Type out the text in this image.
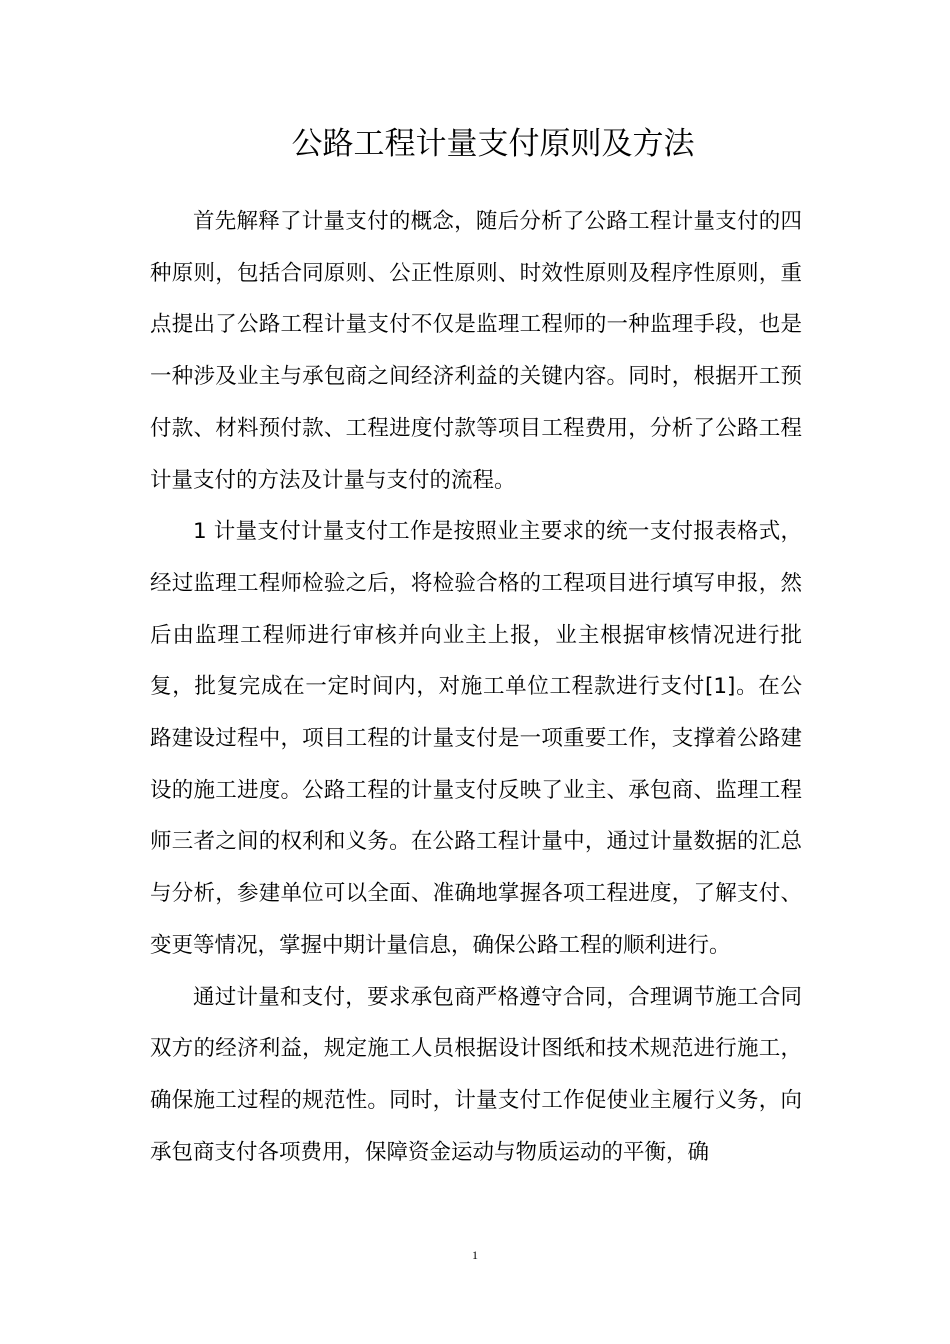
公路工程计量支付原则及方法

首先解释了计量支付的概念，随后分析了公路工程计量支付的四种原则，包括合同原则、公正性原则、时效性原则及程序性原则，重点提出了公路工程计量支付不仅是监理工程师的一种监理手段，也是一种涉及业主与承包商之间经济利益的关键内容。同时，根据开工预付款、材料预付款、工程进度付款等项目工程费用，分析了公路工程计量支付的方法及计量与支付的流程。

1 计量支付计量支付工作是按照业主要求的统一支付报表格式，经过监理工程师检验之后，将检验合格的工程项目进行填写申报，然后由监理工程师进行审核并向业主上报，业主根据审核情况进行批复，批复完成在一定时间内，对施工单位工程款进行支付[1]。在公路建设过程中，项目工程的计量支付是一项重要工作，支撑着公路建设的施工进度。公路工程的计量支付反映了业主、承包商、监理工程师三者之间的权利和义务。在公路工程计量中，通过计量数据的汇总与分析，参建单位可以全面、准确地掌握各项工程进度，了解支付、变更等情况，掌握中期计量信息，确保公路工程的顺利进行。

通过计量和支付，要求承包商严格遵守合同，合理调节施工合同双方的经济利益，规定施工人员根据设计图纸和技术规范进行施工，确保施工过程的规范性。同时，计量支付工作促使业主履行义务，向承包商支付各项费用，保障资金运动与物质运动的平衡，确

1
